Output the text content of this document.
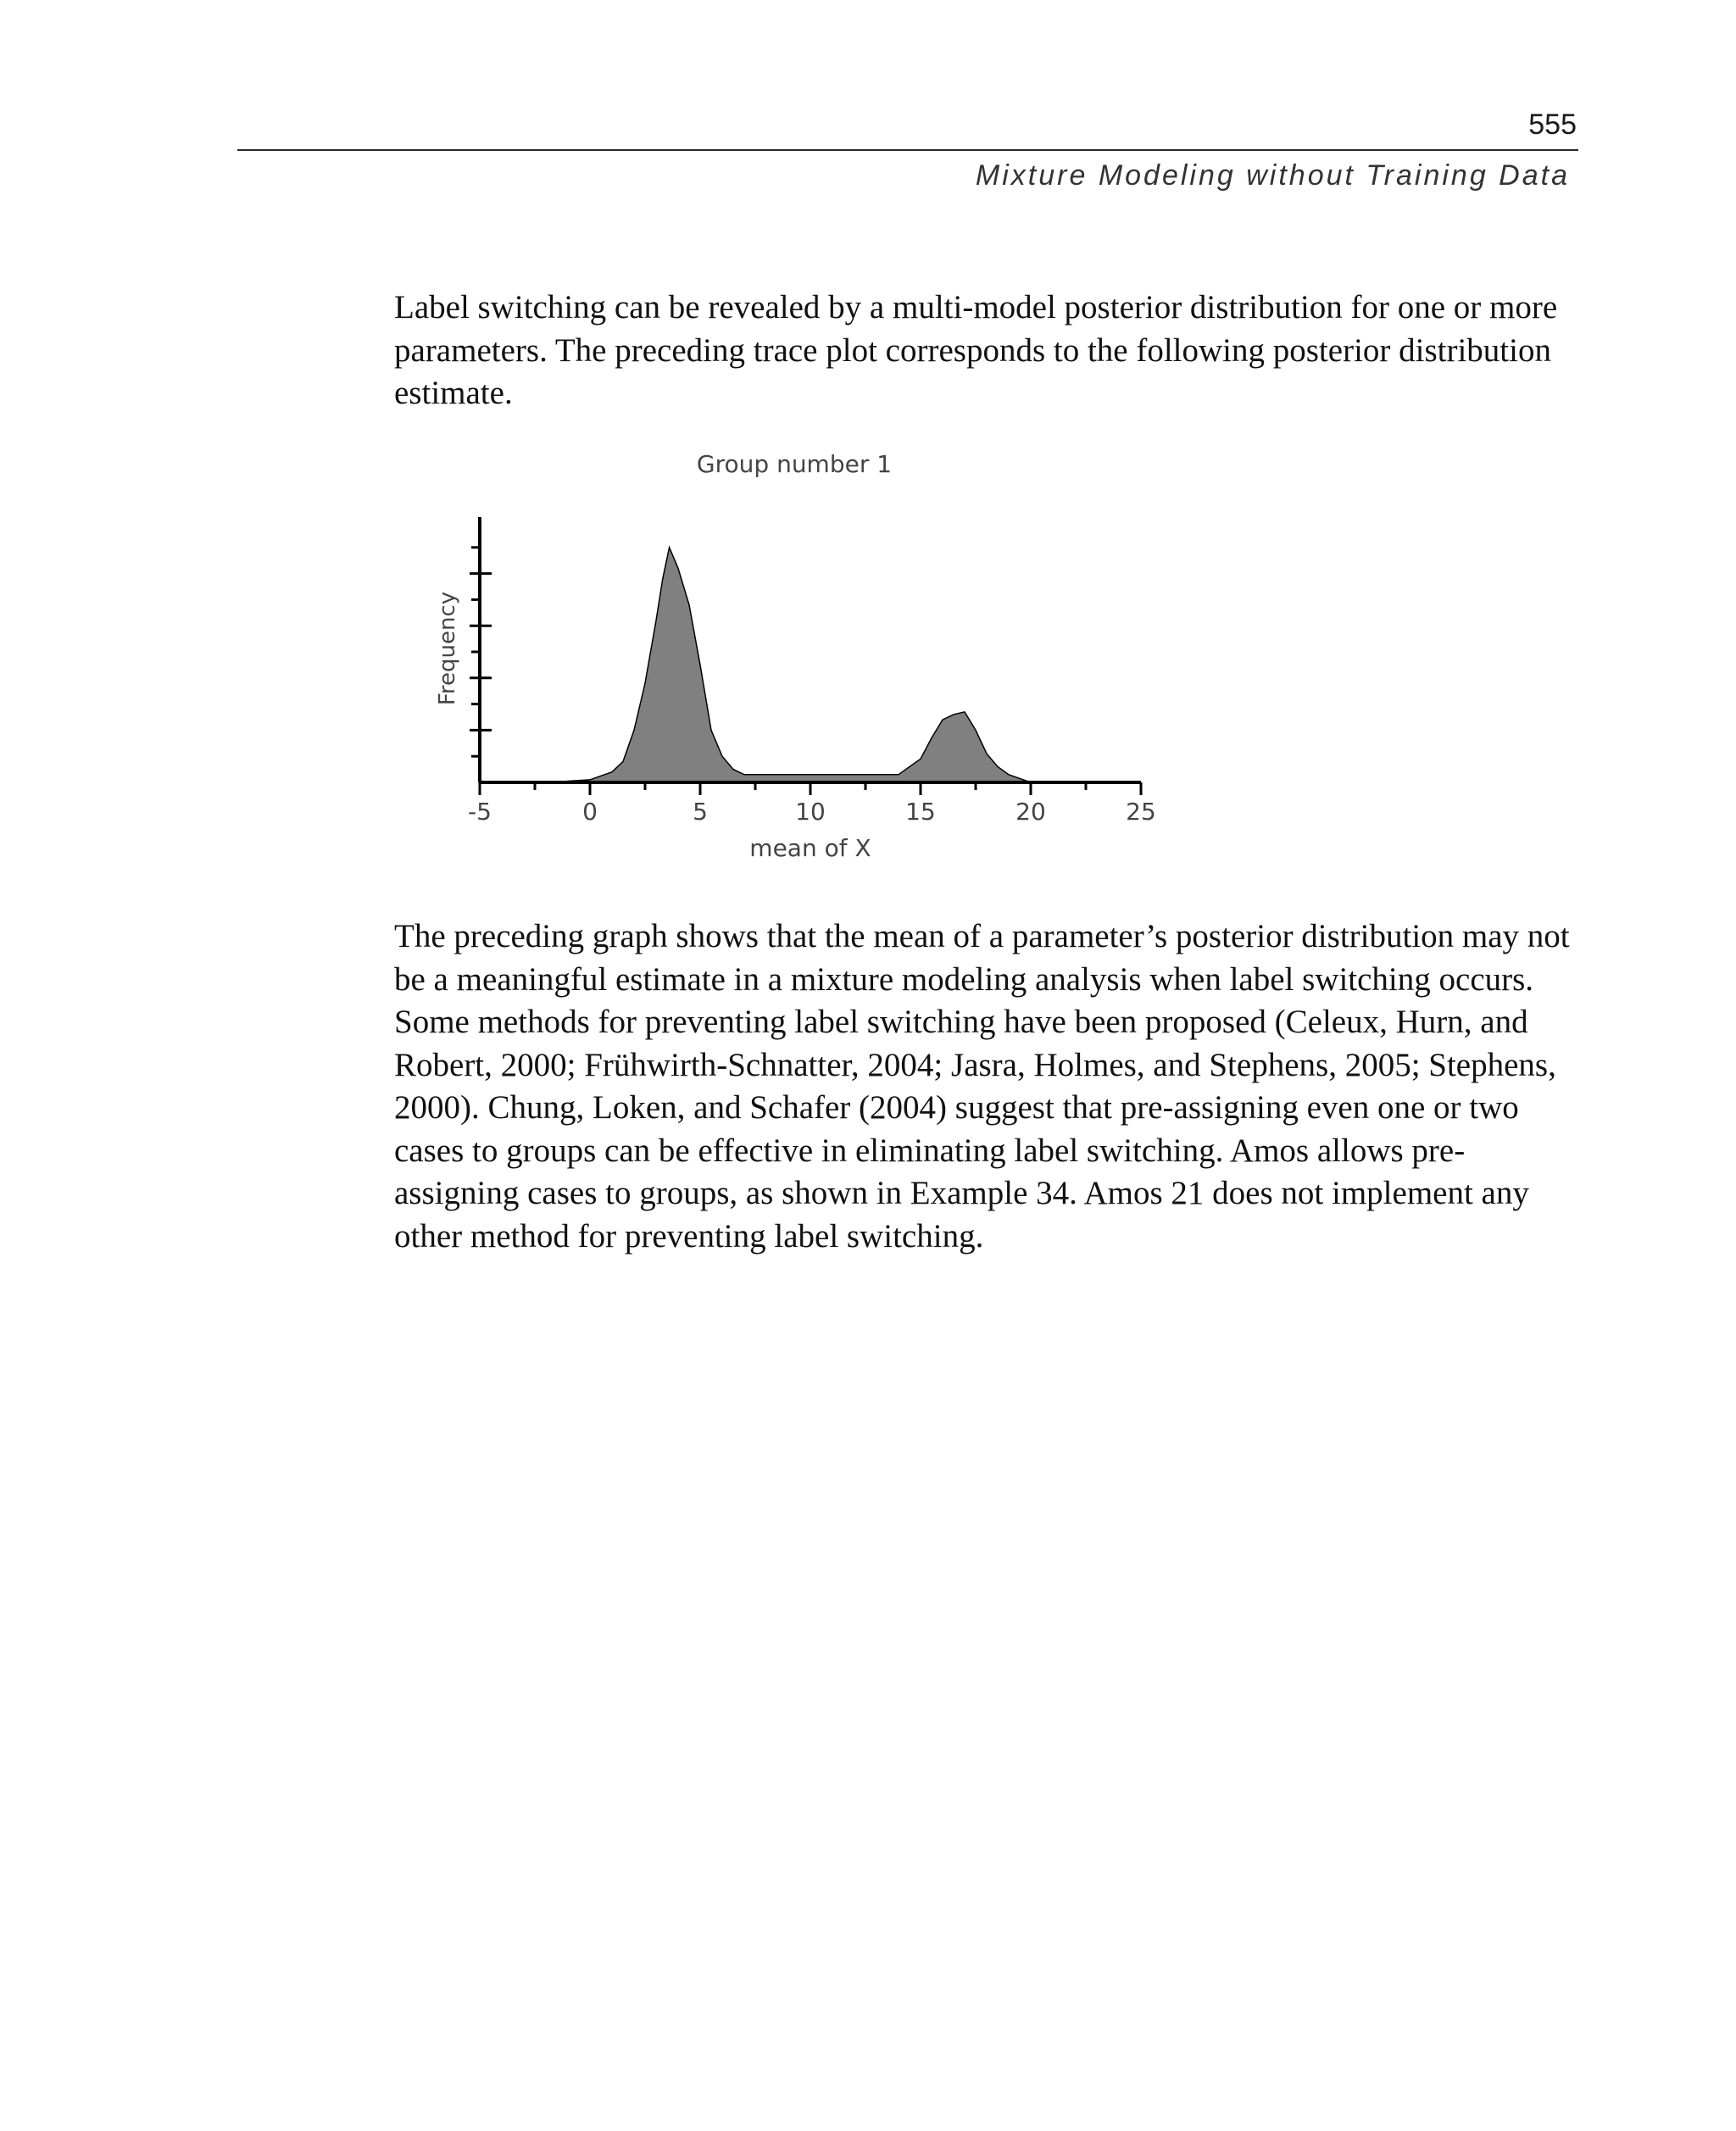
555
Mixture Modeling without Training Data

Label switching can be revealed by a multi-model posterior distribution for one or more parameters. The preceding trace plot corresponds to the following posterior distribution estimate.

Group number 1
Frequency
mean of X
-5	0	5	10	15	20	25

The preceding graph shows that the mean of a parameter’s posterior distribution may not be a meaningful estimate in a mixture modeling analysis when label switching occurs. Some methods for preventing label switching have been proposed (Celeux, Hurn, and Robert, 2000; Frühwirth-Schnatter, 2004; Jasra, Holmes, and Stephens, 2005; Stephens, 2000). Chung, Loken, and Schafer (2004) suggest that pre-assigning even one or two cases to groups can be effective in eliminating label switching. Amos allows pre-assigning cases to groups, as shown in Example 34. Amos 21 does not implement any other method for preventing label switching.
